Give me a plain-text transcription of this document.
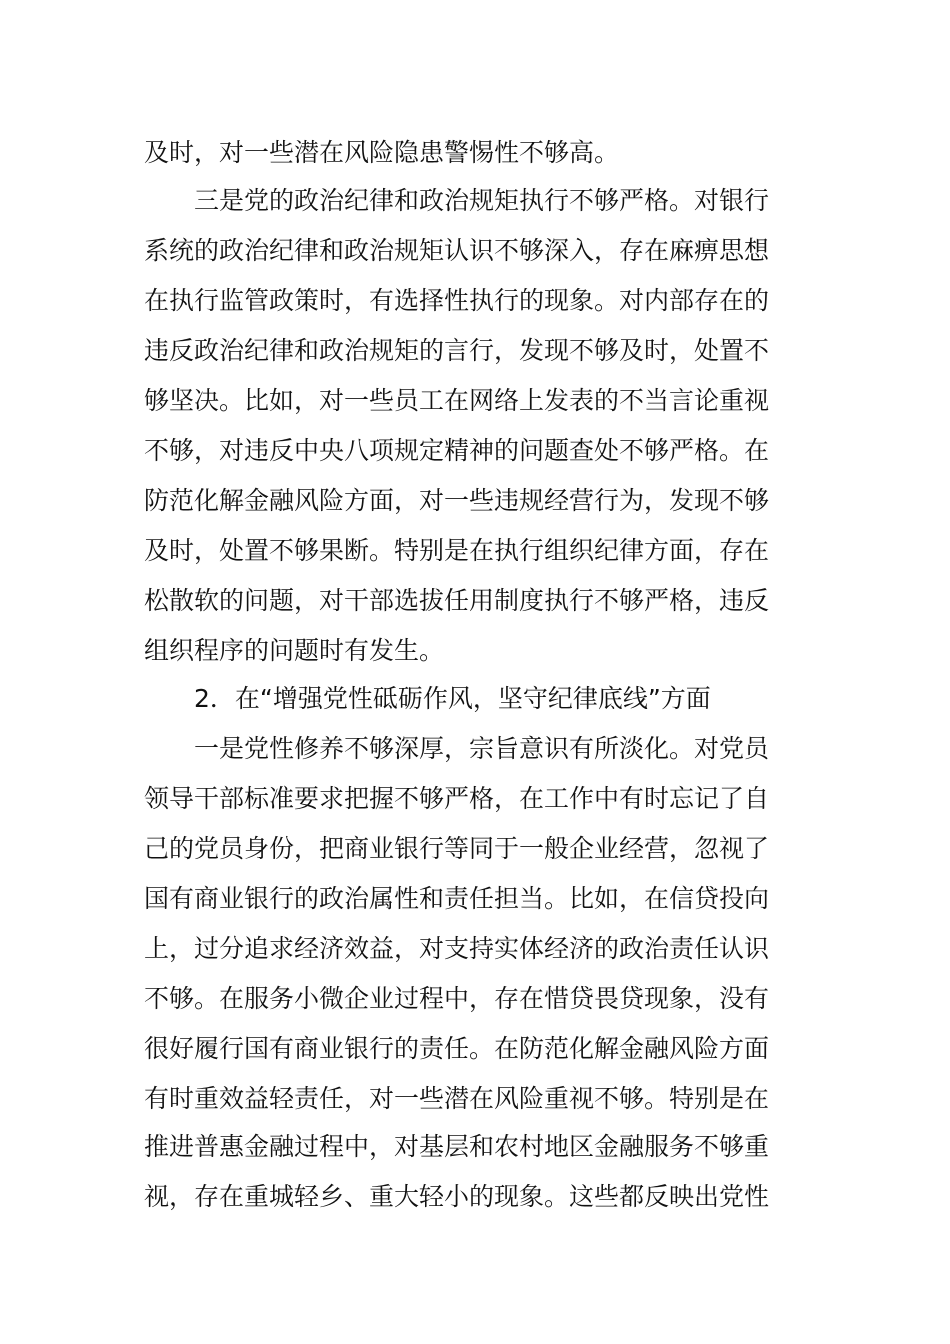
及时，对一些潜在风险隐患警惕性不够高。
三是党的政治纪律和政治规矩执行不够严格。对银行
系统的政治纪律和政治规矩认识不够深入，存在麻痹思想
在执行监管政策时，有选择性执行的现象。对内部存在的
违反政治纪律和政治规矩的言行，发现不够及时，处置不
够坚决。比如，对一些员工在网络上发表的不当言论重视
不够，对违反中央八项规定精神的问题查处不够严格。在
防范化解金融风险方面，对一些违规经营行为，发现不够
及时，处置不够果断。特别是在执行组织纪律方面，存在
松散软的问题，对干部选拔任用制度执行不够严格，违反
组织程序的问题时有发生。
2．在“增强党性砥砺作风，坚守纪律底线”方面
一是党性修养不够深厚，宗旨意识有所淡化。对党员
领导干部标准要求把握不够严格，在工作中有时忘记了自
己的党员身份，把商业银行等同于一般企业经营，忽视了
国有商业银行的政治属性和责任担当。比如，在信贷投向
上，过分追求经济效益，对支持实体经济的政治责任认识
不够。在服务小微企业过程中，存在惜贷畏贷现象，没有
很好履行国有商业银行的责任。在防范化解金融风险方面
有时重效益轻责任，对一些潜在风险重视不够。特别是在
推进普惠金融过程中，对基层和农村地区金融服务不够重
视，存在重城轻乡、重大轻小的现象。这些都反映出党性
